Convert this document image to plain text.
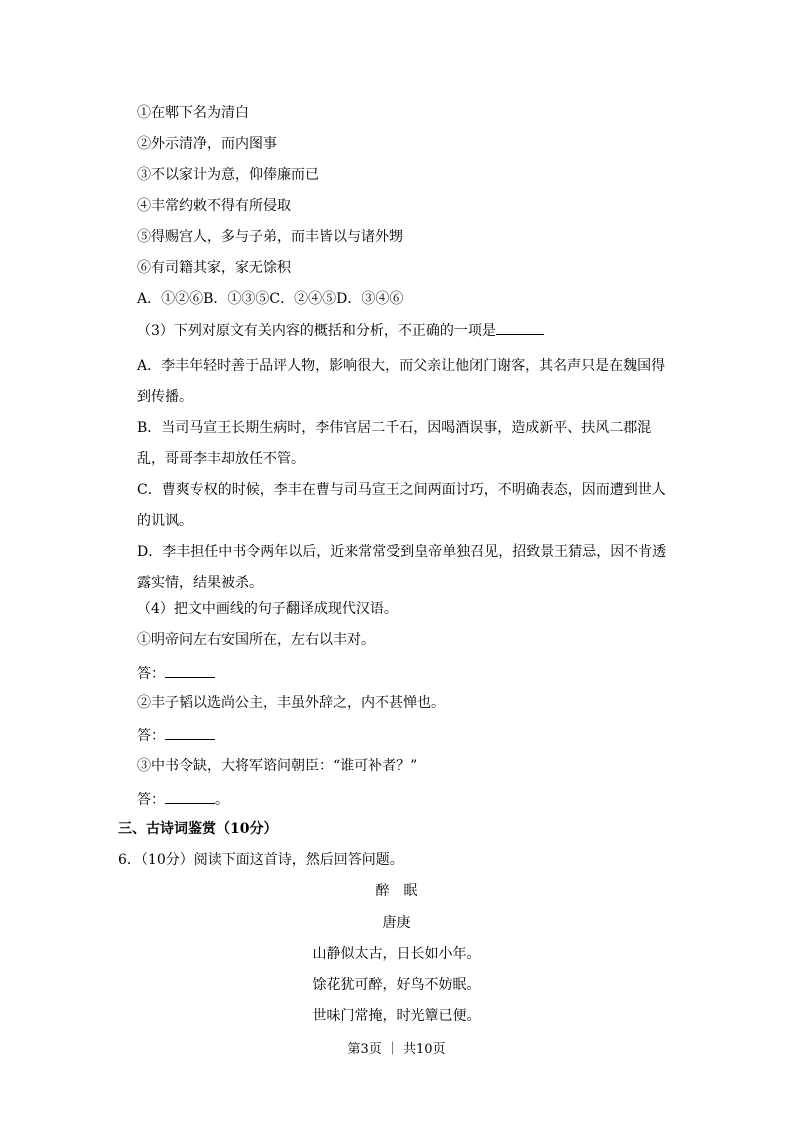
①在郫下名为清白
②外示清净，而内图事
③不以家计为意，仰俸廉而已
④丰常约敕不得有所侵取
⑤得赐宫人，多与子弟，而丰皆以与诸外甥
⑥有司籍其家，家无馀积
A．①②⑥B．①③⑤C．②④⑤D．③④⑥
（3）下列对原文有关内容的概括和分析，不正确的一项是
A．李丰年轻时善于品评人物，影响很大，而父亲让他闭门谢客，其名声只是在魏国得到传播。
B．当司马宣王长期生病时，李伟官居二千石，因喝酒误事，造成新平、扶风二郡混乱，哥哥李丰却放任不管。
C．曹爽专权的时候，李丰在曹与司马宣王之间两面讨巧，不明确表态，因而遭到世人的讥讽。
D．李丰担任中书令两年以后，近来常常受到皇帝单独召见，招致景王猜忌，因不肯透露实情，结果被杀。
（4）把文中画线的句子翻译成现代汉语。
①明帝问左右安国所在，左右以丰对。
答：
②丰子韬以选尚公主，丰虽外辞之，内不甚惮也。
答：
③中书令缺，大将军谘问朝臣：“谁可补者？”
答：	。
三、古诗词鉴赏（10分）
6．（10分）阅读下面这首诗，然后回答问题。
醉　眠
唐庚
山静似太古，日长如小年。
馀花犹可醉，好鸟不妨眠。
世味门常掩，时光簟已便。
第3页 ｜ 共10页
